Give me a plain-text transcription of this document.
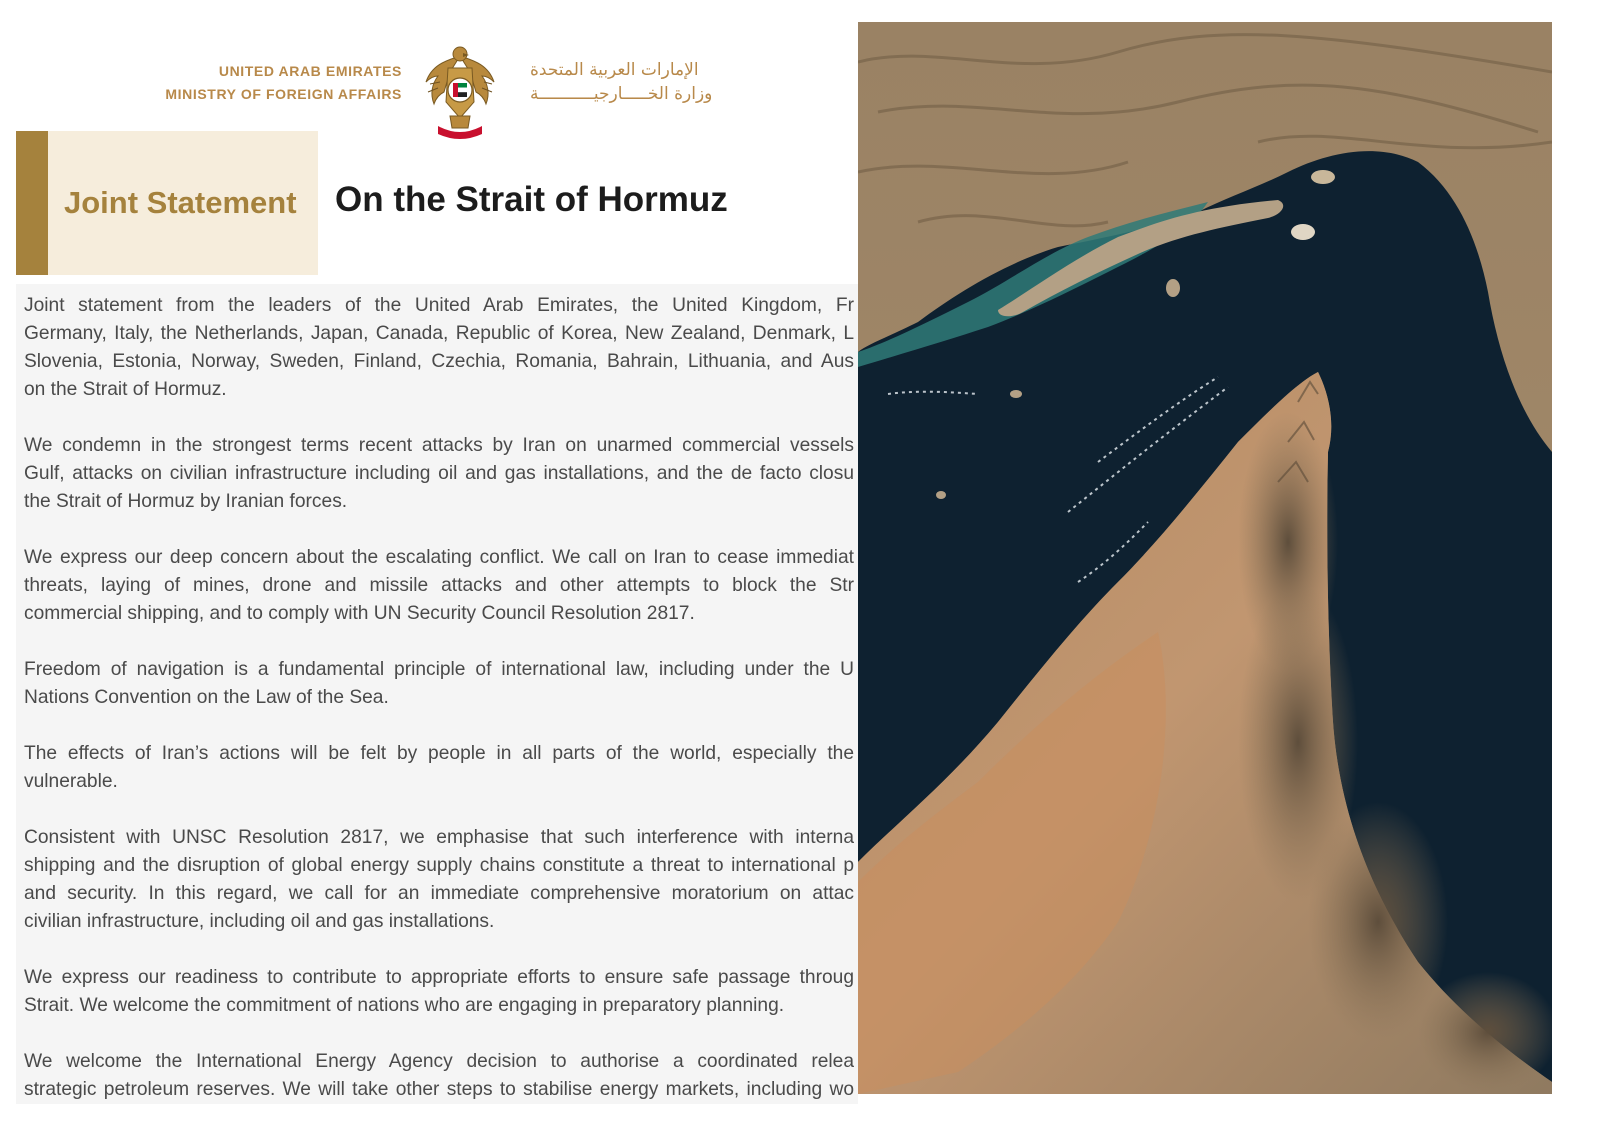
UNITED ARAB EMIRATES
MINISTRY OF FOREIGN AFFAIRS
الإمارات العربية المتحدة
وزارة الخـــــارجيـــــــــــة
Joint Statement On the Strait of Hormuz

Joint statement from the leaders of the United Arab Emirates, the United Kingdom, Fr
Germany, Italy, the Netherlands, Japan, Canada, Republic of Korea, New Zealand, Denmark, L
Slovenia, Estonia, Norway, Sweden, Finland, Czechia, Romania, Bahrain, Lithuania, and Aus
on the Strait of Hormuz.

We condemn in the strongest terms recent attacks by Iran on unarmed commercial vessels
Gulf, attacks on civilian infrastructure including oil and gas installations, and the de facto closu
the Strait of Hormuz by Iranian forces.

We express our deep concern about the escalating conflict. We call on Iran to cease immediat
threats, laying of mines, drone and missile attacks and other attempts to block the Str
commercial shipping, and to comply with UN Security Council Resolution 2817.

Freedom of navigation is a fundamental principle of international law, including under the U
Nations Convention on the Law of the Sea.

The effects of Iran’s actions will be felt by people in all parts of the world, especially the
vulnerable.

Consistent with UNSC Resolution 2817, we emphasise that such interference with interna
shipping and the disruption of global energy supply chains constitute a threat to international p
and security. In this regard, we call for an immediate comprehensive moratorium on attac
civilian infrastructure, including oil and gas installations.

We express our readiness to contribute to appropriate efforts to ensure safe passage throug
Strait. We welcome the commitment of nations who are engaging in preparatory planning.

We welcome the International Energy Agency decision to authorise a coordinated relea
strategic petroleum reserves. We will take other steps to stabilise energy markets, including wo
